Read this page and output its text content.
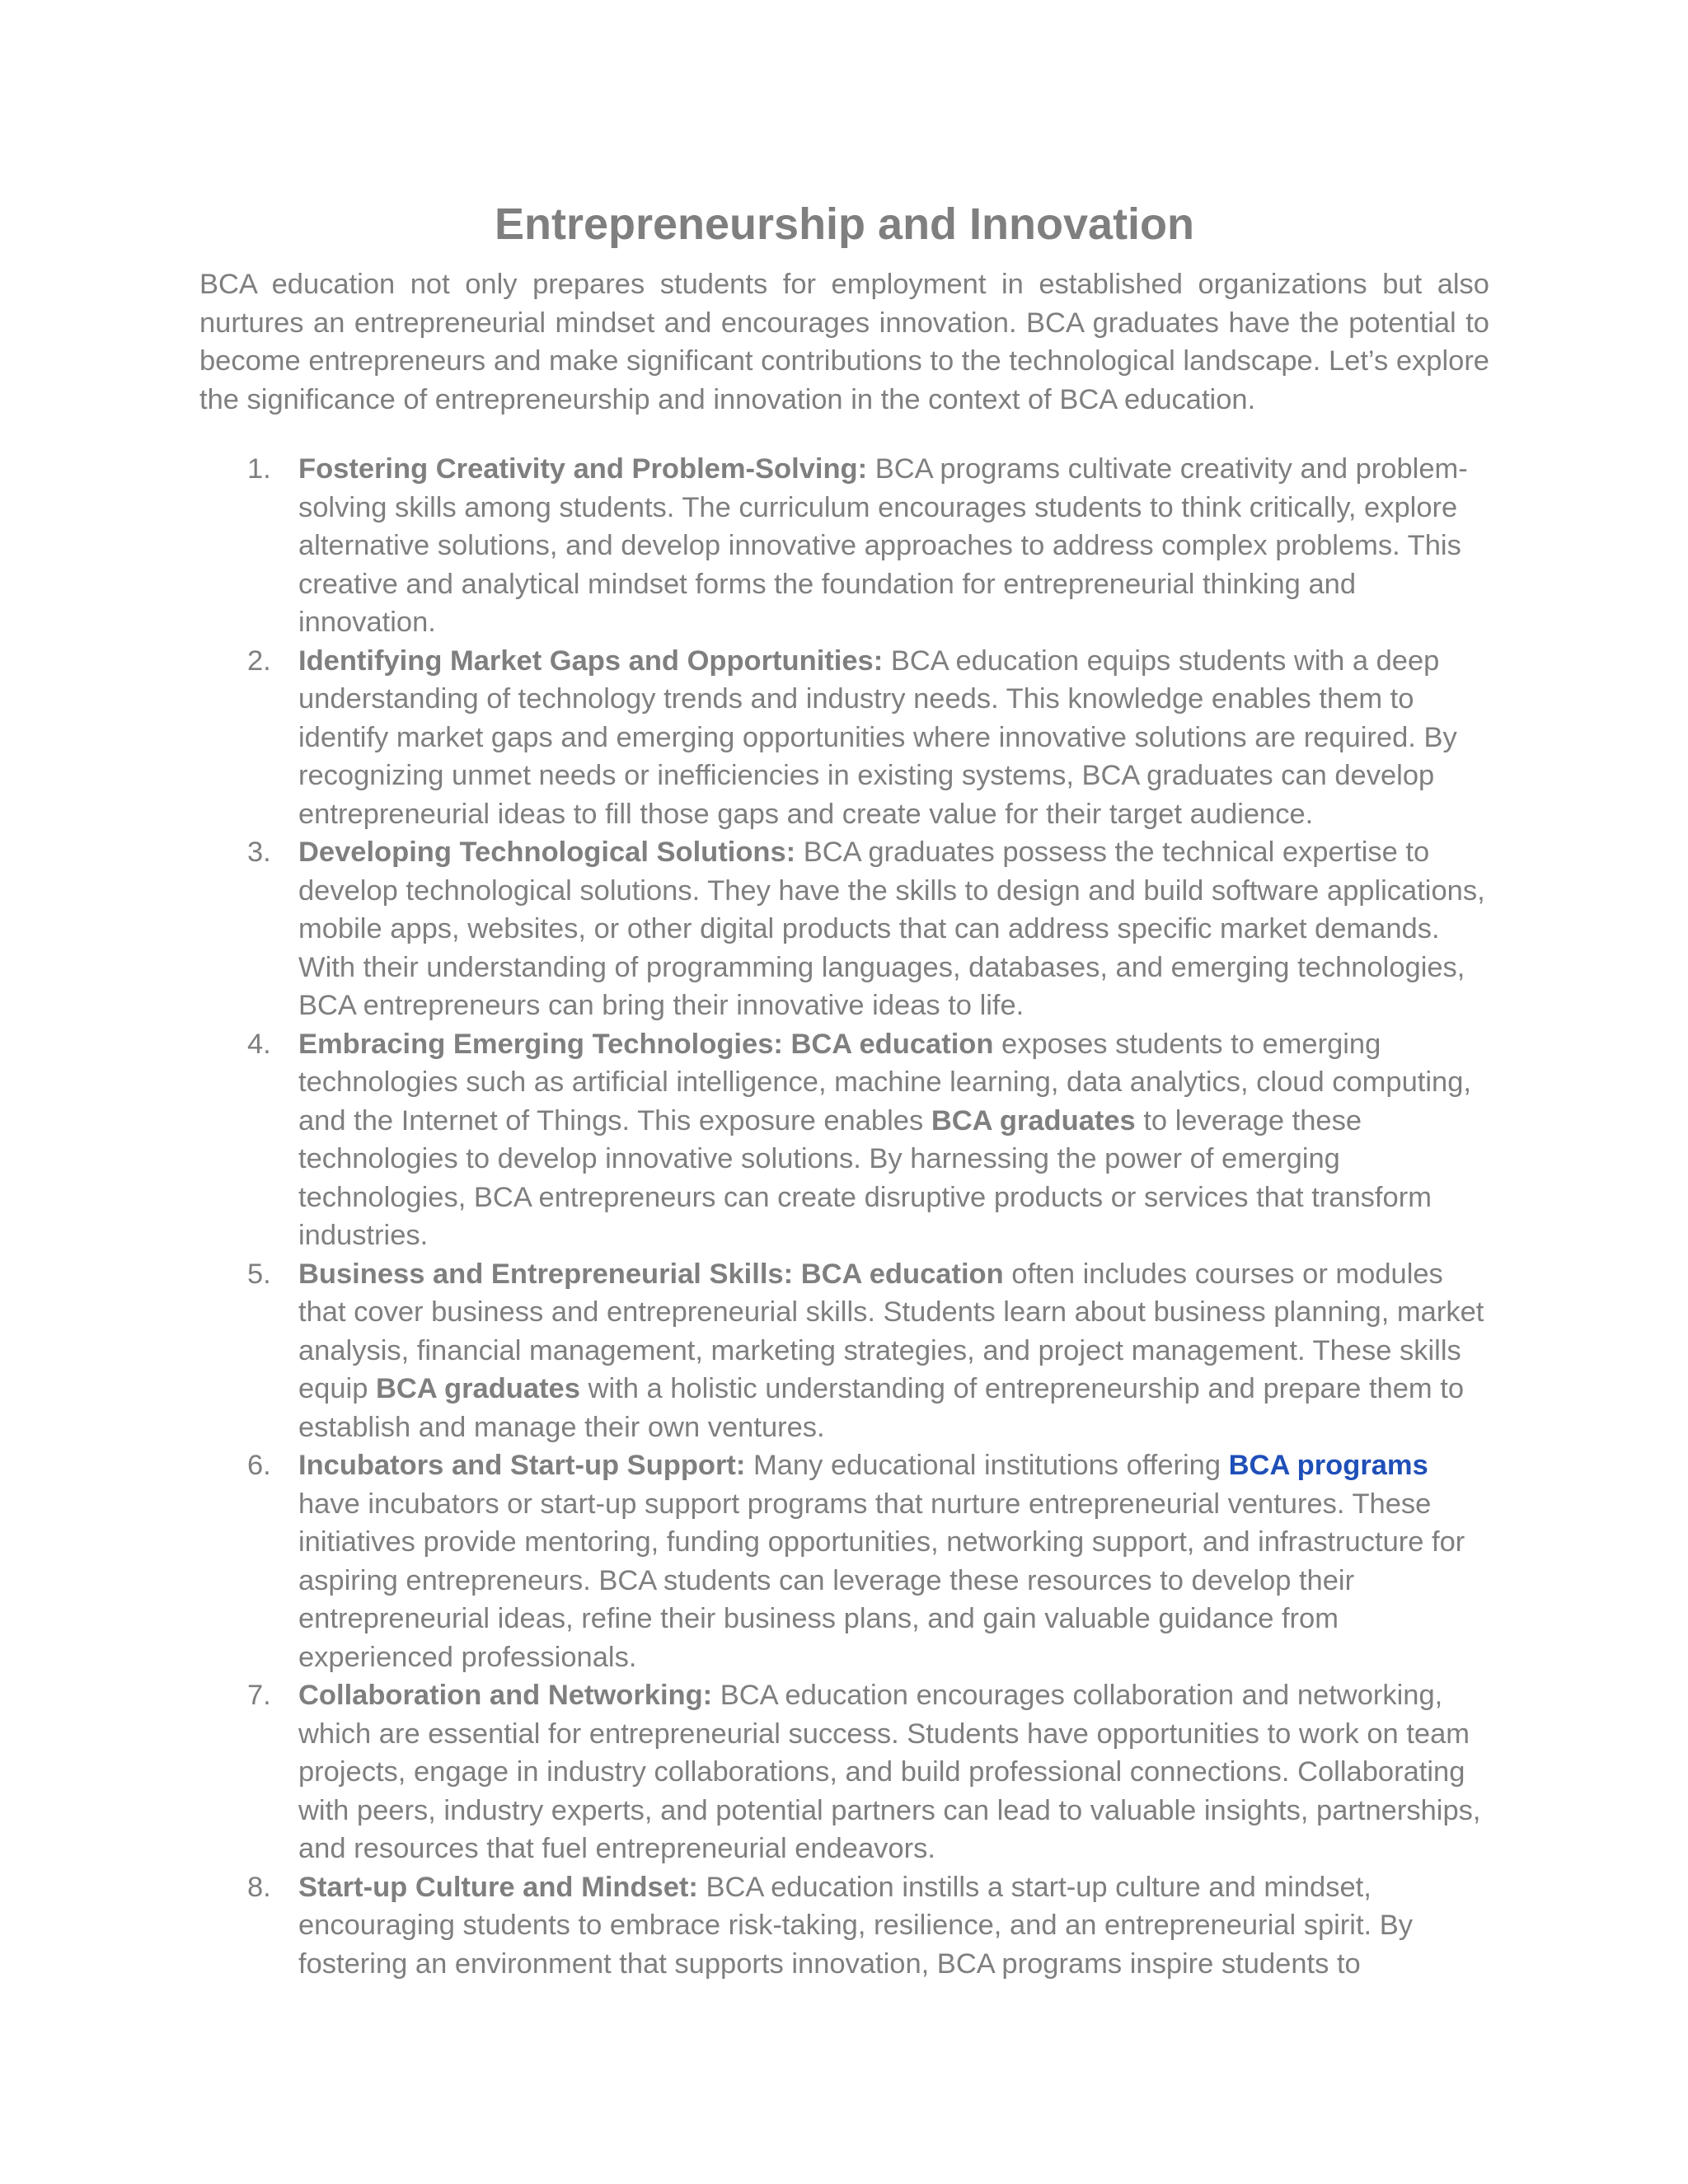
Entrepreneurship and Innovation

BCA education not only prepares students for employment in established organizations but also nurtures an entrepreneurial mindset and encourages innovation. BCA graduates have the potential to become entrepreneurs and make significant contributions to the technological landscape. Let’s explore the significance of entrepreneurship and innovation in the context of BCA education.

1. Fostering Creativity and Problem-Solving: BCA programs cultivate creativity and problem-solving skills among students. The curriculum encourages students to think critically, explore alternative solutions, and develop innovative approaches to address complex problems. This creative and analytical mindset forms the foundation for entrepreneurial thinking and innovation.
2. Identifying Market Gaps and Opportunities: BCA education equips students with a deep understanding of technology trends and industry needs. This knowledge enables them to identify market gaps and emerging opportunities where innovative solutions are required. By recognizing unmet needs or inefficiencies in existing systems, BCA graduates can develop entrepreneurial ideas to fill those gaps and create value for their target audience.
3. Developing Technological Solutions: BCA graduates possess the technical expertise to develop technological solutions. They have the skills to design and build software applications, mobile apps, websites, or other digital products that can address specific market demands. With their understanding of programming languages, databases, and emerging technologies, BCA entrepreneurs can bring their innovative ideas to life.
4. Embracing Emerging Technologies: BCA education exposes students to emerging technologies such as artificial intelligence, machine learning, data analytics, cloud computing, and the Internet of Things. This exposure enables BCA graduates to leverage these technologies to develop innovative solutions. By harnessing the power of emerging technologies, BCA entrepreneurs can create disruptive products or services that transform industries.
5. Business and Entrepreneurial Skills: BCA education often includes courses or modules that cover business and entrepreneurial skills. Students learn about business planning, market analysis, financial management, marketing strategies, and project management. These skills equip BCA graduates with a holistic understanding of entrepreneurship and prepare them to establish and manage their own ventures.
6. Incubators and Start-up Support: Many educational institutions offering BCA programs have incubators or start-up support programs that nurture entrepreneurial ventures. These initiatives provide mentoring, funding opportunities, networking support, and infrastructure for aspiring entrepreneurs. BCA students can leverage these resources to develop their entrepreneurial ideas, refine their business plans, and gain valuable guidance from experienced professionals.
7. Collaboration and Networking: BCA education encourages collaboration and networking, which are essential for entrepreneurial success. Students have opportunities to work on team projects, engage in industry collaborations, and build professional connections. Collaborating with peers, industry experts, and potential partners can lead to valuable insights, partnerships, and resources that fuel entrepreneurial endeavors.
8. Start-up Culture and Mindset: BCA education instills a start-up culture and mindset, encouraging students to embrace risk-taking, resilience, and an entrepreneurial spirit. By fostering an environment that supports innovation, BCA programs inspire students to
